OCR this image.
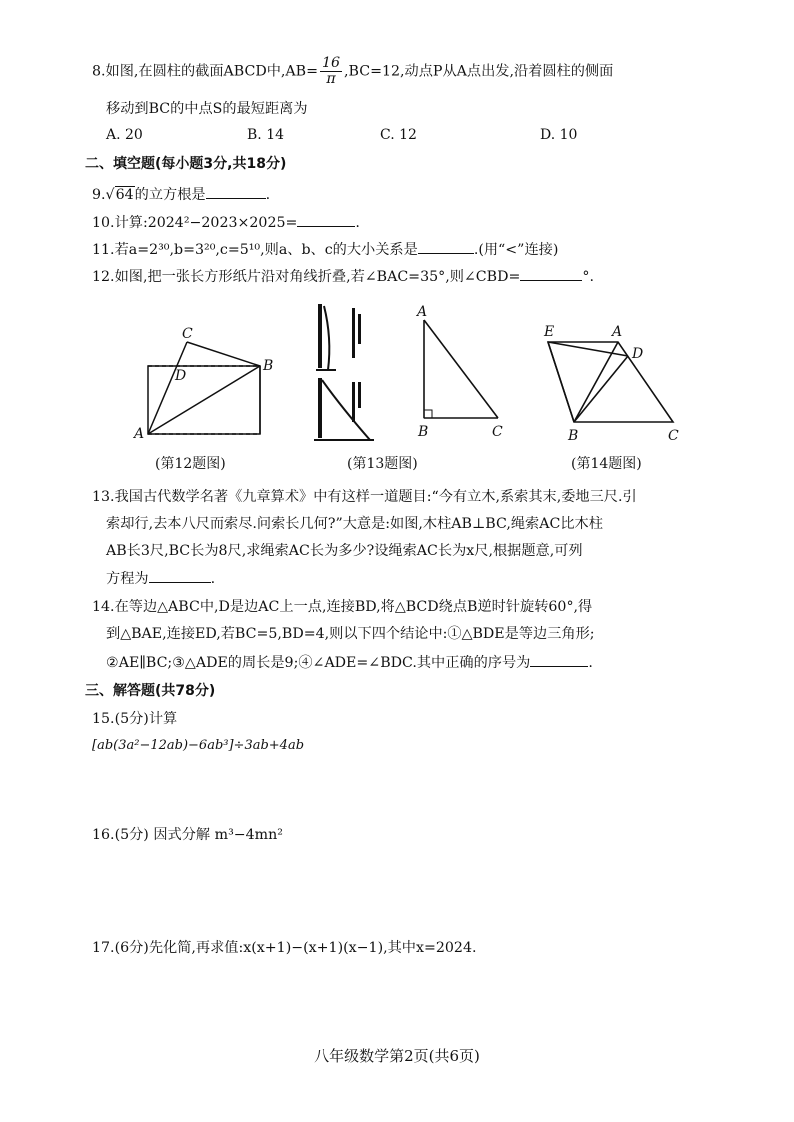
8.如图,在圆柱的截面ABCD中$,AB= \frac{16}{\pi} ,BC=12$,动点P从A点出发,沿着圆柱的侧面
移动到BC的中点S的最短距离为
A. 20	B. 14	C. 12	D. 10
二、填空题(每小题3分,共18分)
9.√64的立方根是	.
10.计算:2024²−2023×2025=	.
11.若a=2³⁰,b=3²⁰,c=5¹⁰,则a、b、c的大小关系是	.(用“<”连接)
12.如图,把一张长方形纸片沿对角线折叠,若∠BAC=35°,则∠CBD=	°.
C
D
B
A
(第12题图)
A
B	C
(第13题图)
E	A
D
B	C
(第14题图)
13.我国古代数学名著《九章算术》中有这样一道题目:“今有立木,系索其末,委地三尺.引
索却行,去本八尺而索尽.问索长几何?”大意是:如图,木柱AB⊥BC,绳索AC比木柱
AB长3尺,BC长为8尺,求绳索AC长为多少?设绳索AC长为x尺,根据题意,可列
方程为	.
14.在等边△ABC中,D是边AC上一点,连接BD,将△BCD绕点B逆时针旋转60°,得
到△BAE,连接ED,若BC=5,BD=4,则以下四个结论中:①△BDE是等边三角形;
②AE∥BC;③△ADE的周长是9;④∠ADE=∠BDC.其中正确的序号为	.
三、解答题(共78分)
15.(5分)计算
[ab(3a²−12ab)−6ab³]÷3ab+4ab
16.(5分) 因式分解 m³−4mn²
17.(6分)先化简,再求值:x(x+1)−(x+1)(x−1),其中x=2024.
八年级数学第2页(共6页)
